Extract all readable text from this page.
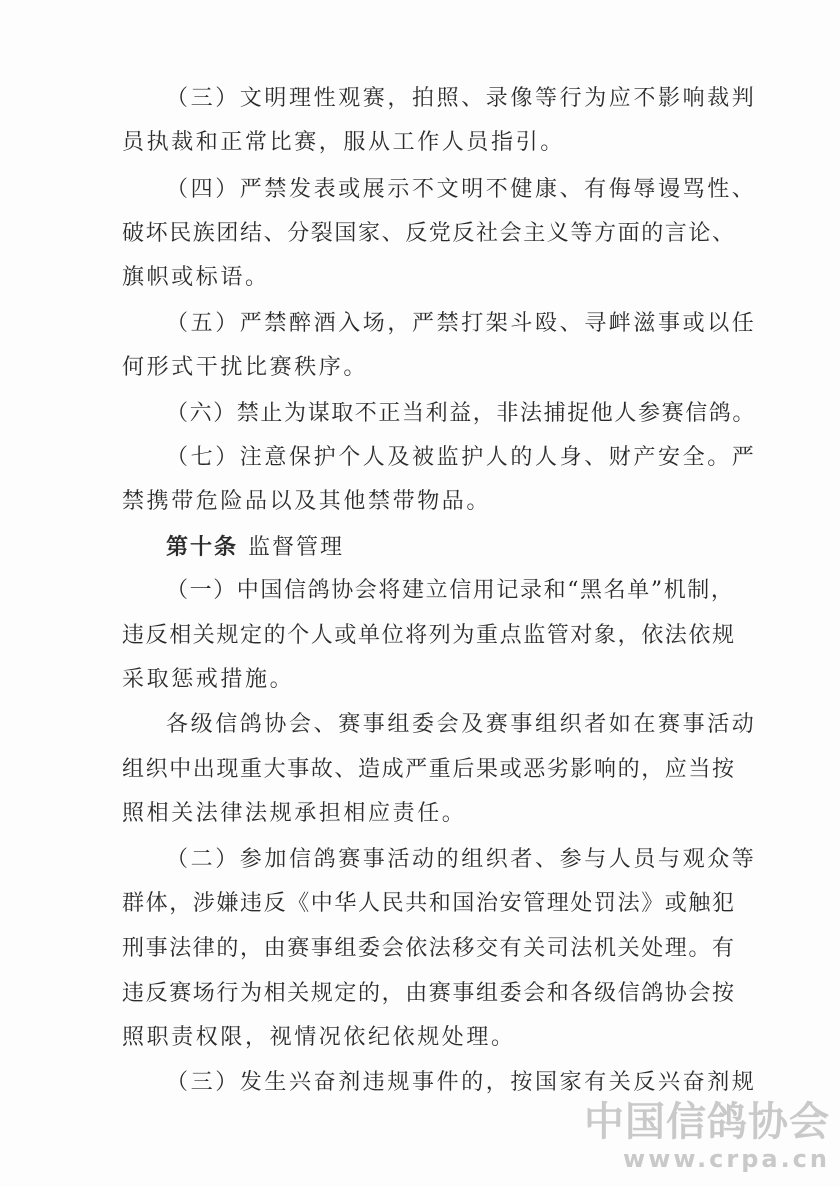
（三）文明理性观赛，拍照、录像等行为应不影响裁判
员执裁和正常比赛，服从工作人员指引。
（四）严禁发表或展示不文明不健康、有侮辱谩骂性、
破坏民族团结、分裂国家、反党反社会主义等方面的言论、
旗帜或标语。
（五）严禁醉酒入场，严禁打架斗殴、寻衅滋事或以任
何形式干扰比赛秩序。
（六）禁止为谋取不正当利益，非法捕捉他人参赛信鸽。
（七）注意保护个人及被监护人的人身、财产安全。严
禁携带危险品以及其他禁带物品。
第十条 监督管理
（一）中国信鸽协会将建立信用记录和“黑名单”机制，
违反相关规定的个人或单位将列为重点监管对象，依法依规
采取惩戒措施。
各级信鸽协会、赛事组委会及赛事组织者如在赛事活动
组织中出现重大事故、造成严重后果或恶劣影响的，应当按
照相关法律法规承担相应责任。
（二）参加信鸽赛事活动的组织者、参与人员与观众等
群体，涉嫌违反《中华人民共和国治安管理处罚法》或触犯
刑事法律的，由赛事组委会依法移交有关司法机关处理。有
违反赛场行为相关规定的，由赛事组委会和各级信鸽协会按
照职责权限，视情况依纪依规处理。
（三）发生兴奋剂违规事件的，按国家有关反兴奋剂规
中国信鸽协会
www.crpa.cn
